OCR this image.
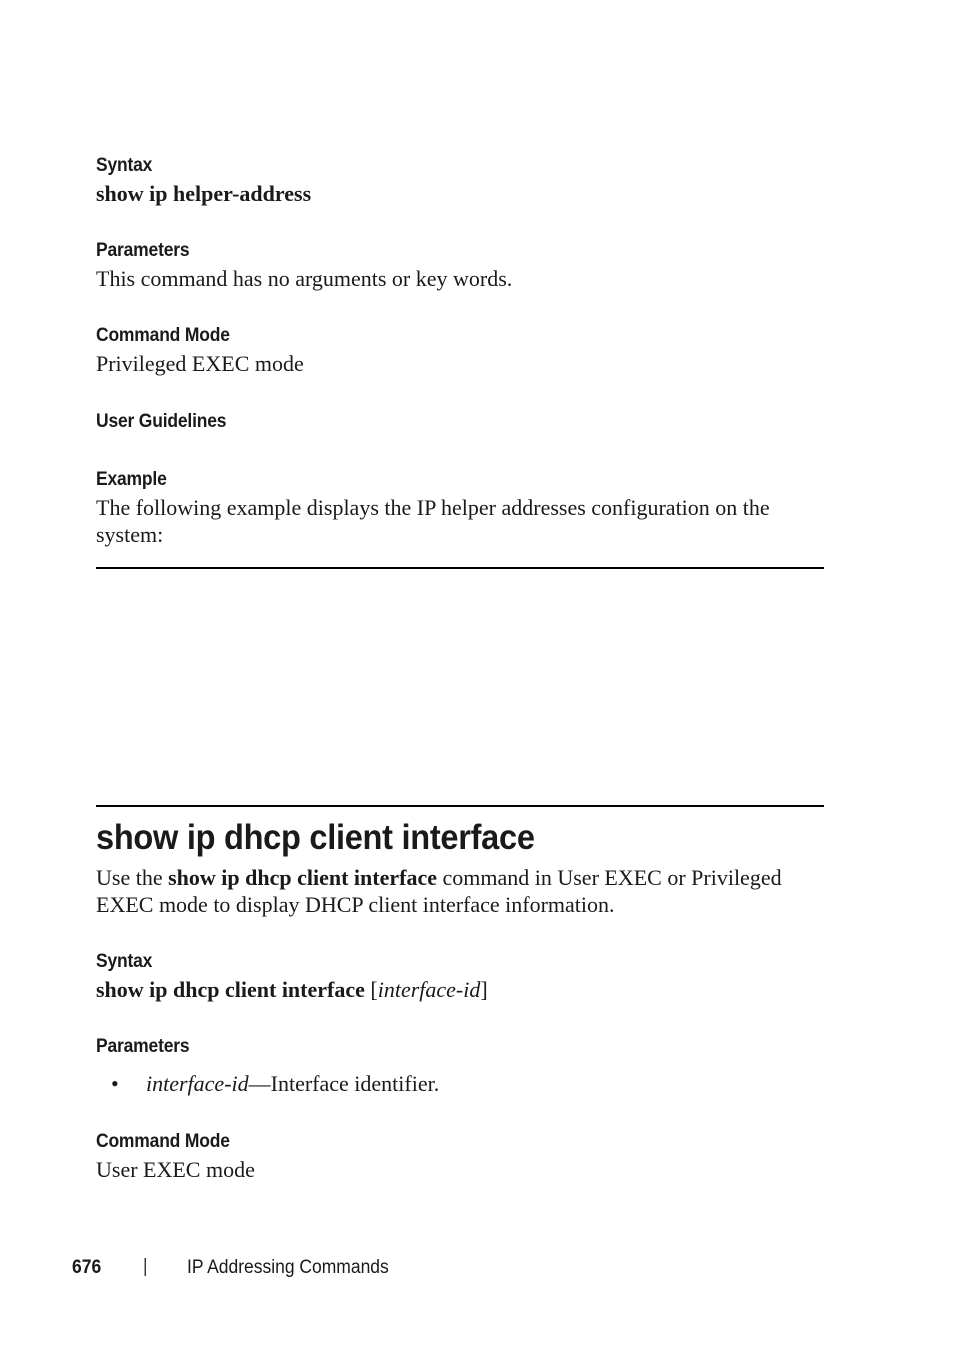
Syntax
show ip helper-address
Parameters
This command has no arguments or key words.
Command Mode
Privileged EXEC mode
User Guidelines
Example
The following example displays the IP helper addresses configuration on the
system:
show ip dhcp client interface
Use the show ip dhcp client interface command in User EXEC or Privileged
EXEC mode to display DHCP client interface information.
Syntax
show ip dhcp client interface [interface-id]
Parameters
• interface-id—Interface identifier.
Command Mode
User EXEC mode
676 | IP Addressing Commands
